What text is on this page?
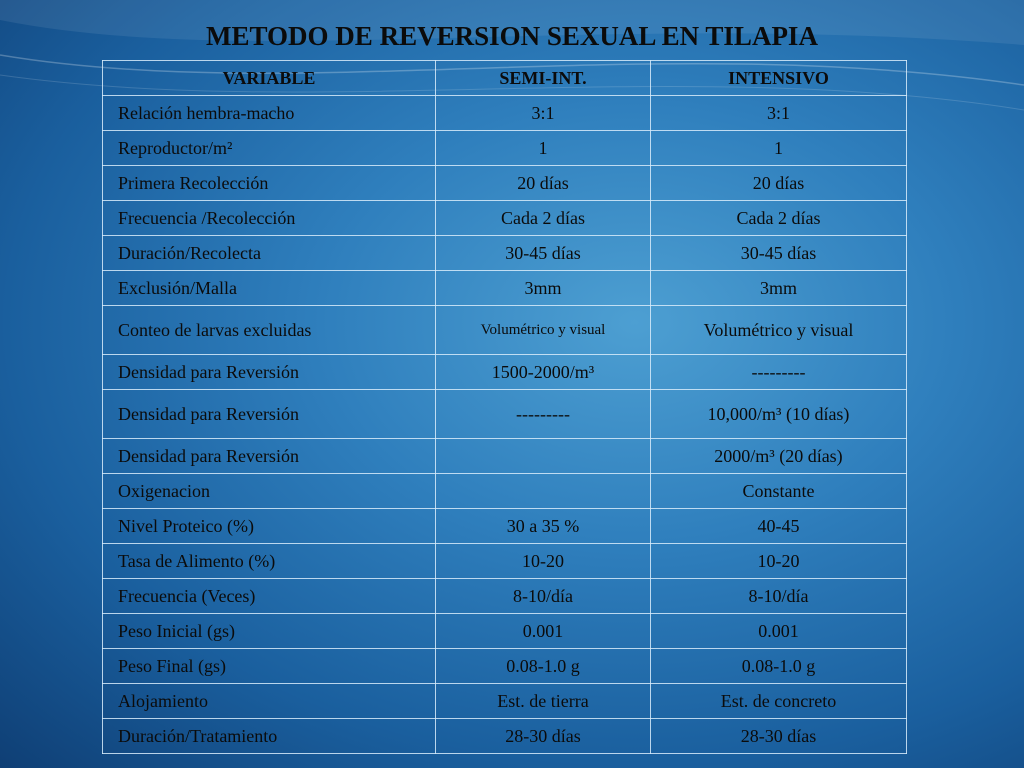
METODO DE REVERSION SEXUAL EN TILAPIA
VARIABLE	SEMI-INT.	INTENSIVO
Relación hembra-macho	3:1	3:1
Reproductor/m²	1	1
Primera Recolección	20 días	20 días
Frecuencia /Recolección	Cada 2 días	Cada 2 días
Duración/Recolecta	30-45 días	30-45 días
Exclusión/Malla	3mm	3mm
Conteo de larvas excluidas	Volumétrico y visual	Volumétrico y visual
Densidad para Reversión	1500-2000/m³	---------
Densidad para Reversión	---------	10,000/m³ (10 días)
Densidad para Reversión		2000/m³ (20 días)
Oxigenacion		Constante
Nivel Proteico (%)	30 a 35 %	40-45
Tasa de Alimento (%)	10-20	10-20
Frecuencia (Veces)	8-10/día	8-10/día
Peso Inicial (gs)	0.001	0.001
Peso Final (gs)	0.08-1.0 g	0.08-1.0 g
Alojamiento	Est. de tierra	Est. de concreto
Duración/Tratamiento	28-30 días	28-30 días
